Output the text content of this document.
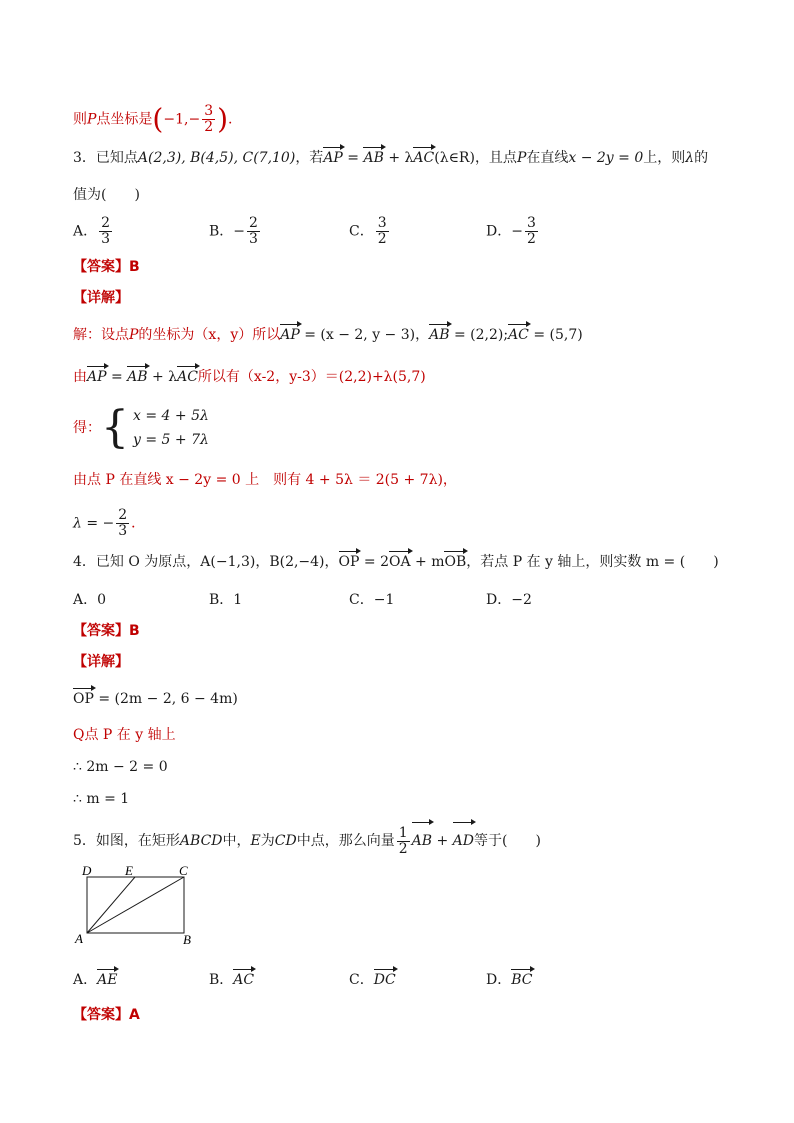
则P点坐标是($-1,- \frac{3}{2}$ ).
3．已知点A(2,3), B(4,5), C(7,10)，若AP = AB + λAC(λ∈R)，且点P在直线x − 2y = 0上，则λ的
值为(　　)
A． $\frac{2}{3}$	B．− $\frac{2}{3}$	C． $\frac{3}{2}$	D．− $\frac{3}{2}$
【答案】B
【详解】
解：设点P的坐标为（x，y）所以AP = (x − 2, y − 3)，AB = (2,2);AC = (5,7)
由AP = AB + λAC所以有（x-2，y-3）＝(2,2)+λ(5,7)
得：{ x = 4 + 5λ
y = 5 + 7λ
由点 P 在直线 x − 2y = 0 上　则有 4 + 5λ ＝ 2(5 + 7λ)，
λ = − $\frac{2}{3}$ ．
4．已知 O 为原点，A(−1,3)，B(2,−4)，OP = 2OA + mOB，若点 P 在 y 轴上，则实数 m = (　　)
A．0	B．1	C．−1	D．−2
【答案】B
【详解】
OP = (2m − 2, 6 − 4m)
Q点 P 在 y 轴上
∴ 2m − 2 = 0
∴ m = 1
5．如图，在矩形ABCD中，E为CD中点，那么向量 $\frac{1}{2}$ AB + AD等于(　　)
D	E	C
A	B
A．AE	B．AC	C．DC	D．BC
【答案】A
